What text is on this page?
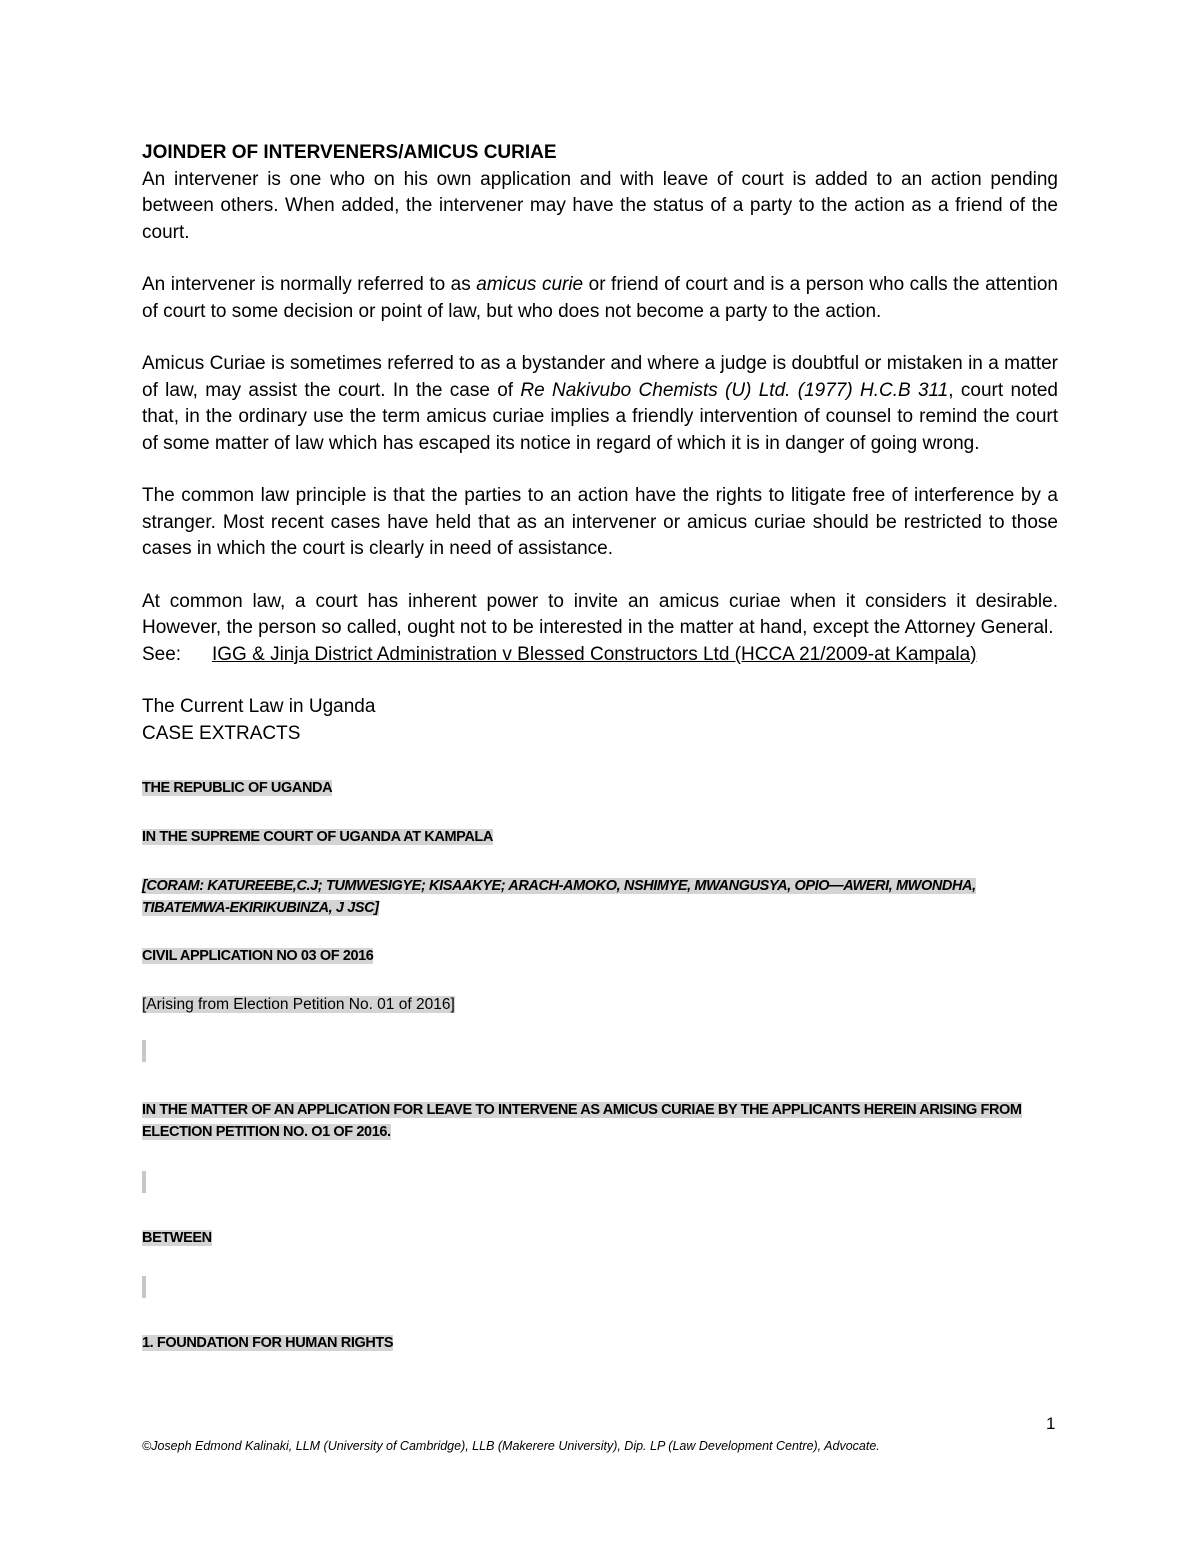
JOINDER OF INTERVENERS/AMICUS CURIAE

An intervener is one who on his own application and with leave of court is added to an action pending between others. When added, the intervener may have the status of a party to the action as a friend of the court.

An intervener is normally referred to as amicus curie or friend of court and is a person who calls the attention of court to some decision or point of law, but who does not become a party to the action.

Amicus Curiae is sometimes referred to as a bystander and where a judge is doubtful or mistaken in a matter of law, may assist the court. In the case of Re Nakivubo Chemists (U) Ltd. (1977) H.C.B 311, court noted that, in the ordinary use the term amicus curiae implies a friendly intervention of counsel to remind the court of some matter of law which has escaped its notice in regard of which it is in danger of going wrong.

The common law principle is that the parties to an action have the rights to litigate free of interference by a stranger. Most recent cases have held that as an intervener or amicus curiae should be restricted to those cases in which the court is clearly in need of assistance.

At common law, a court has inherent power to invite an amicus curiae when it considers it desirable. However, the person so called, ought not to be interested in the matter at hand, except the Attorney General.

See:	IGG & Jinja District Administration v Blessed Constructors Ltd (HCCA 21/2009-at Kampala)

The Current Law in Uganda

CASE EXTRACTS

THE REPUBLIC OF UGANDA

IN THE SUPREME COURT OF UGANDA AT KAMPALA

[CORAM: KATUREEBE,C.J; TUMWESIGYE; KISAAKYE; ARACH-AMOKO, NSHIMYE, MWANGUSYA, OPIO—AWERI, MWONDHA, TIBATEMWA-EKIRIKUBINZA, J JSC]

CIVIL APPLICATION NO 03 OF 2016

[Arising from Election Petition No. 01 of 2016]

IN THE MATTER OF AN APPLICATION FOR LEAVE TO INTERVENE AS AMICUS CURIAE BY THE APPLICANTS HEREIN ARISING FROM ELECTION PETITION NO. O1 OF 2016.

BETWEEN

1. FOUNDATION FOR HUMAN RIGHTS

1
©Joseph Edmond Kalinaki, LLM (University of Cambridge), LLB (Makerere University), Dip. LP (Law Development Centre), Advocate.
